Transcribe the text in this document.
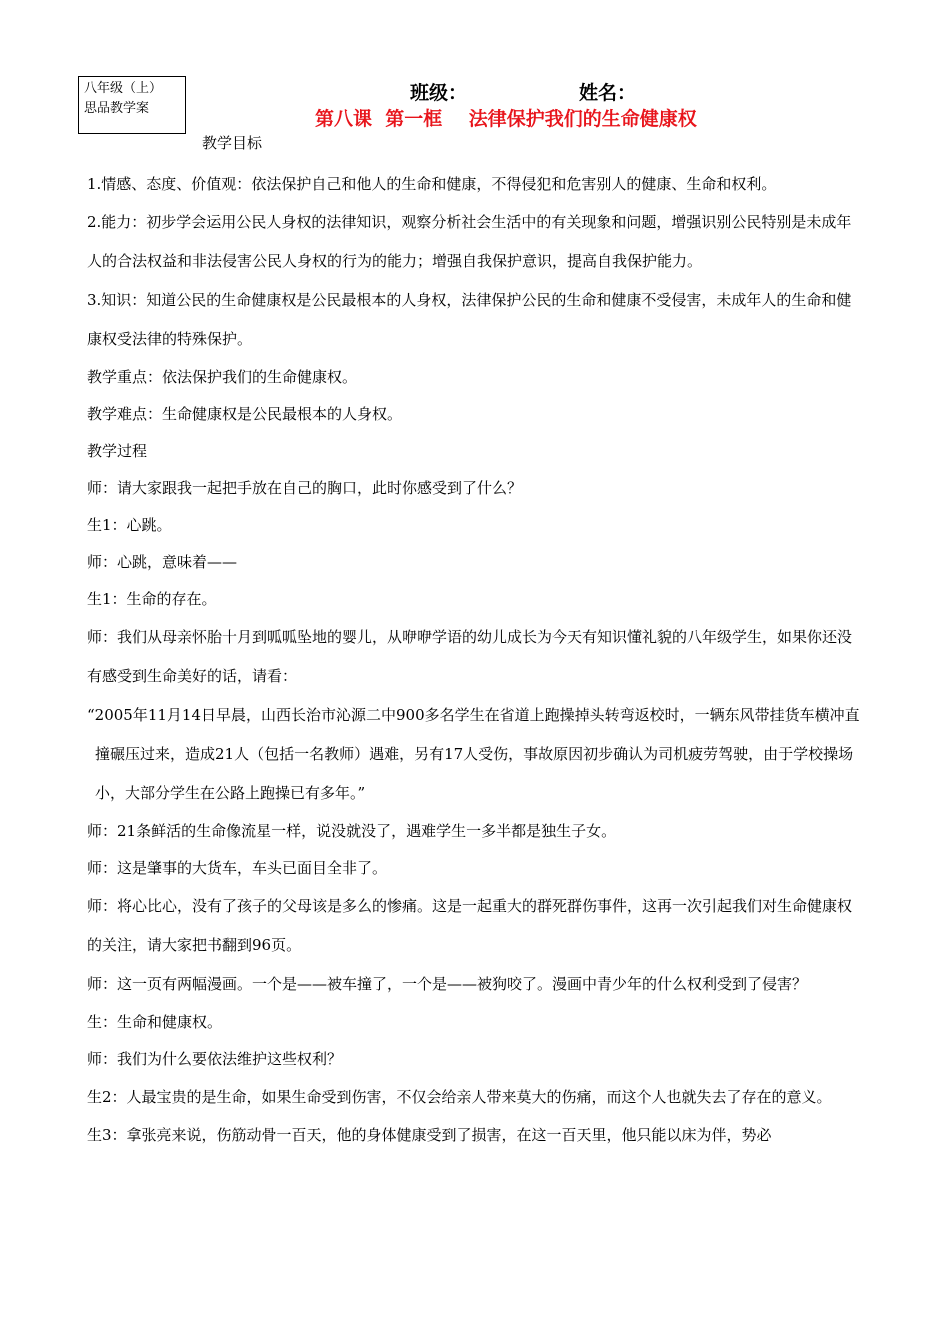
八年级（上）
思品教学案
班级：	姓名：
第八课  第一框    法律保护我们的生命健康权
教学目标

1.情感、态度、价值观：依法保护自己和他人的生命和健康，不得侵犯和危害别人的健康、生命和权利。

2.能力：初步学会运用公民人身权的法律知识，观察分析社会生活中的有关现象和问题，增强识别公民特别是未成年人的合法权益和非法侵害公民人身权的行为的能力；增强自我保护意识，提高自我保护能力。

3.知识：知道公民的生命健康权是公民最根本的人身权，法律保护公民的生命和健康不受侵害，未成年人的生命和健康权受法律的特殊保护。

教学重点：依法保护我们的生命健康权。

教学难点：生命健康权是公民最根本的人身权。

教学过程

师：请大家跟我一起把手放在自己的胸口，此时你感受到了什么？

生1：心跳。

师：心跳，意味着——

生1：生命的存在。

师：我们从母亲怀胎十月到呱呱坠地的婴儿，从咿咿学语的幼儿成长为今天有知识懂礼貌的八年级学生，如果你还没有感受到生命美好的话，请看：

“2005年11月14日早晨，山西长治市沁源二中900多名学生在省道上跑操掉头转弯返校时，一辆东风带挂货车横冲直撞碾压过来，造成21人（包括一名教师）遇难，另有17人受伤，事故原因初步确认为司机疲劳驾驶，由于学校操场小，大部分学生在公路上跑操已有多年。”

师：21条鲜活的生命像流星一样，说没就没了，遇难学生一多半都是独生子女。

师：这是肇事的大货车，车头已面目全非了。

师：将心比心，没有了孩子的父母该是多么的惨痛。这是一起重大的群死群伤事件，这再一次引起我们对生命健康权的关注，请大家把书翻到96页。

师：这一页有两幅漫画。一个是——被车撞了，一个是——被狗咬了。漫画中青少年的什么权利受到了侵害？

生：生命和健康权。

师：我们为什么要依法维护这些权利？

生2：人最宝贵的是生命，如果生命受到伤害，不仅会给亲人带来莫大的伤痛，而这个人也就失去了存在的意义。

生3：拿张亮来说，伤筋动骨一百天，他的身体健康受到了损害，在这一百天里，他只能以床为伴，势必
